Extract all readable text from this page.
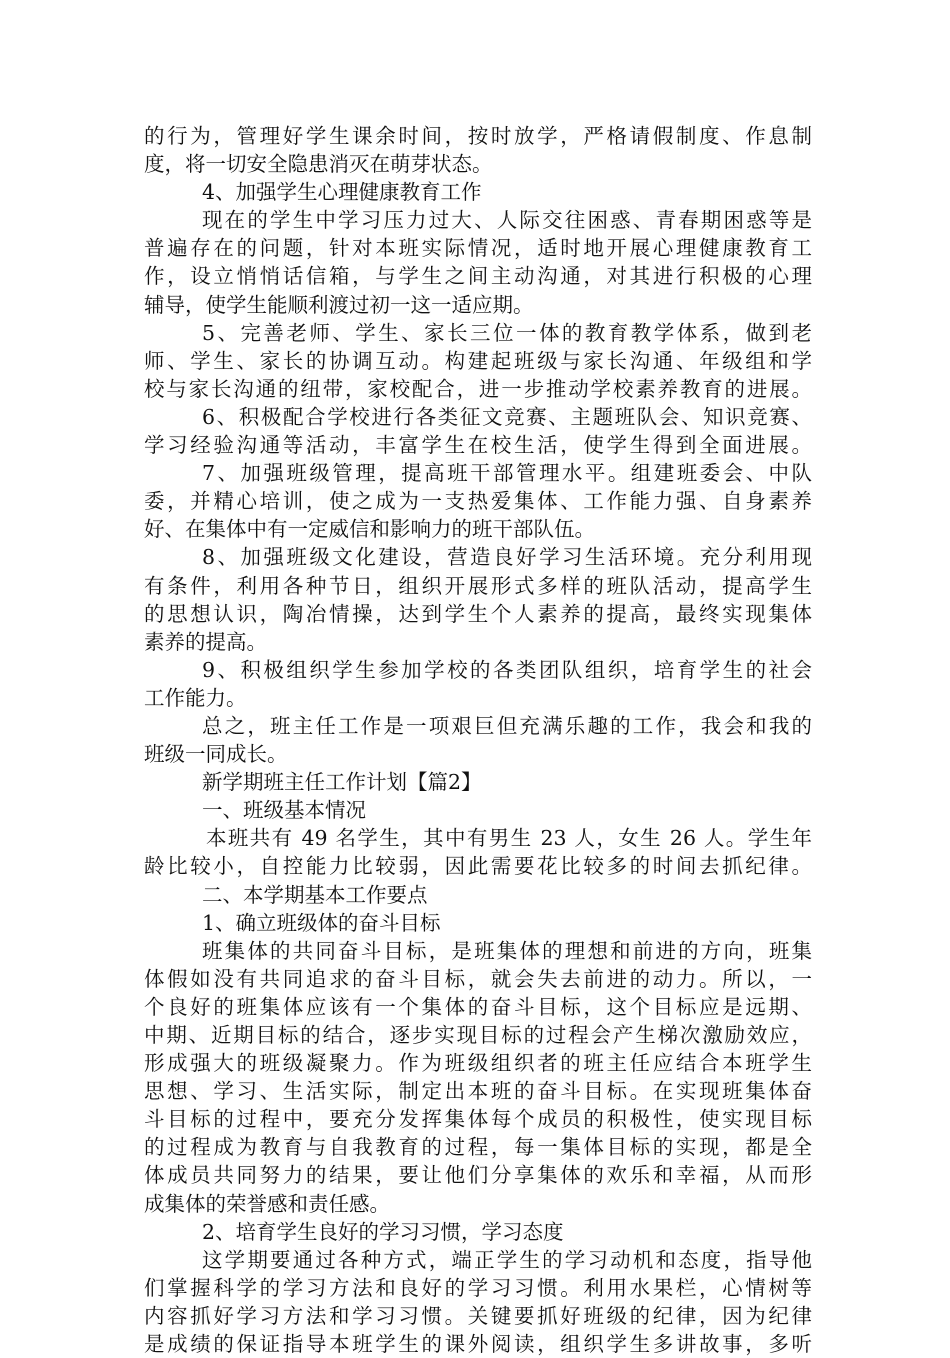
的行为，管理好学生课余时间，按时放学，严格请假制度、作息制
度，将一切安全隐患消灭在萌芽状态。
4、加强学生心理健康教育工作
现在的学生中学习压力过大、人际交往困惑、青春期困惑等是
普遍存在的问题，针对本班实际情况，适时地开展心理健康教育工
作，设立悄悄话信箱，与学生之间主动沟通，对其进行积极的心理
辅导，使学生能顺利渡过初一这一适应期。
5、完善老师、学生、家长三位一体的教育教学体系，做到老
师、学生、家长的协调互动。构建起班级与家长沟通、年级组和学
校与家长沟通的纽带，家校配合，进一步推动学校素养教育的进展。
6、积极配合学校进行各类征文竞赛、主题班队会、知识竞赛、
学习经验沟通等活动，丰富学生在校生活，使学生得到全面进展。
7、加强班级管理，提高班干部管理水平。组建班委会、中队
委，并精心培训，使之成为一支热爱集体、工作能力强、自身素养
好、在集体中有一定威信和影响力的班干部队伍。
8、加强班级文化建设，营造良好学习生活环境。充分利用现
有条件，利用各种节日，组织开展形式多样的班队活动，提高学生
的思想认识，陶冶情操，达到学生个人素养的提高，最终实现集体
素养的提高。
9、积极组织学生参加学校的各类团队组织，培育学生的社会
工作能力。
总之，班主任工作是一项艰巨但充满乐趣的工作，我会和我的
班级一同成长。
新学期班主任工作计划【篇2】
一、班级基本情况
本班共有 49 名学生，其中有男生 23 人，女生 26 人。学生年
龄比较小，自控能力比较弱，因此需要花比较多的时间去抓纪律。
二、本学期基本工作要点
1、确立班级体的奋斗目标
班集体的共同奋斗目标，是班集体的理想和前进的方向，班集
体假如没有共同追求的奋斗目标，就会失去前进的动力。所以，一
个良好的班集体应该有一个集体的奋斗目标，这个目标应是远期、
中期、近期目标的结合，逐步实现目标的过程会产生梯次激励效应，
形成强大的班级凝聚力。作为班级组织者的班主任应结合本班学生
思想、学习、生活实际，制定出本班的奋斗目标。在实现班集体奋
斗目标的过程中，要充分发挥集体每个成员的积极性，使实现目标
的过程成为教育与自我教育的过程，每一集体目标的实现，都是全
体成员共同努力的结果，要让他们分享集体的欢乐和幸福，从而形
成集体的荣誉感和责任感。
2、培育学生良好的学习习惯，学习态度
这学期要通过各种方式，端正学生的学习动机和态度，指导他
们掌握科学的学习方法和良好的学习习惯。利用水果栏，心情树等
内容抓好学习方法和学习习惯。关键要抓好班级的纪律，因为纪律
是成绩的保证指导本班学生的课外阅读，组织学生多讲故事，多听
